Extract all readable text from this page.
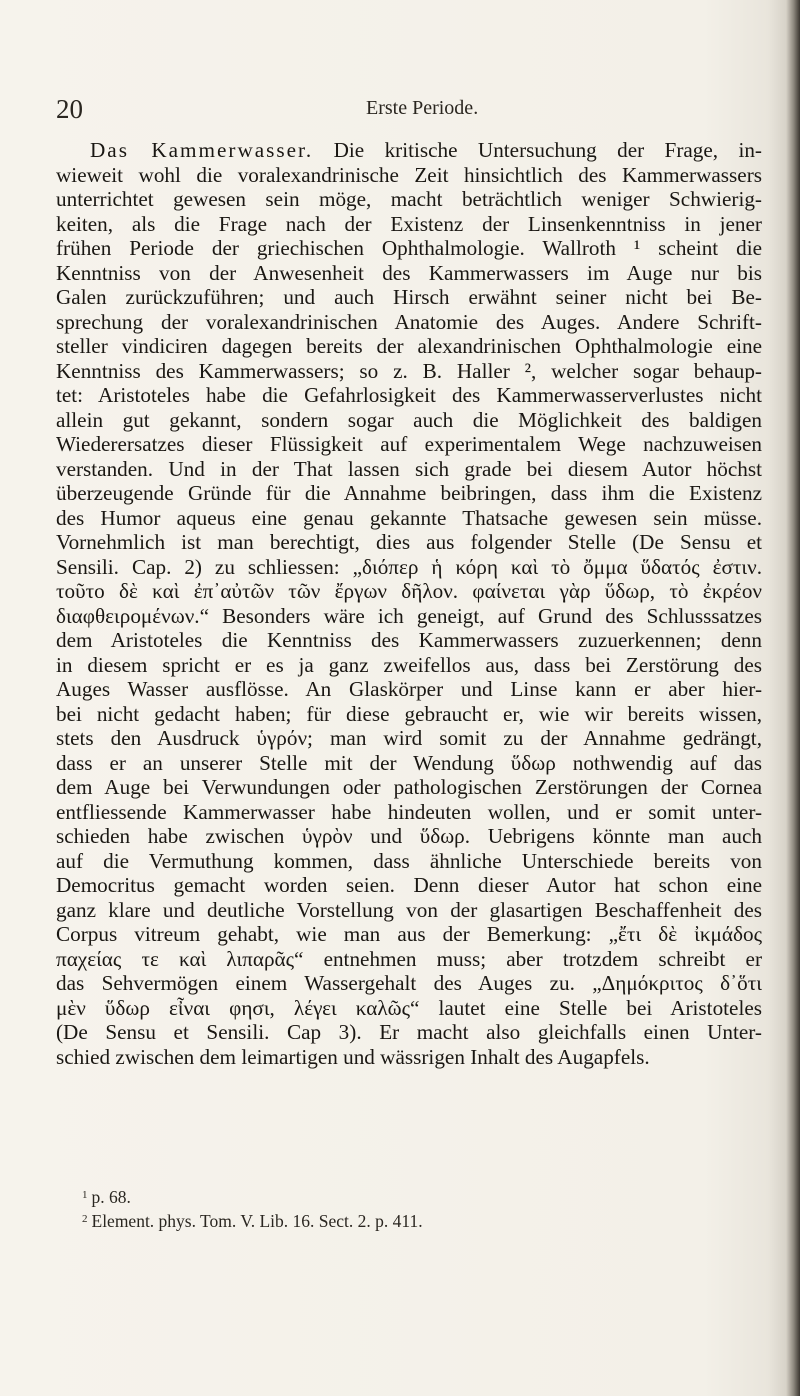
20	Erste Periode.
Das Kammerwasser. Die kritische Untersuchung der Frage, in-
wieweit wohl die voralexandrinische Zeit hinsichtlich des Kammerwassers
unterrichtet gewesen sein möge, macht beträchtlich weniger Schwierig-
keiten, als die Frage nach der Existenz der Linsenkenntniss in jener
frühen Periode der griechischen Ophthalmologie. Wallroth ¹ scheint die
Kenntniss von der Anwesenheit des Kammerwassers im Auge nur bis
Galen zurückzuführen; und auch Hirsch erwähnt seiner nicht bei Be-
sprechung der voralexandrinischen Anatomie des Auges. Andere Schrift-
steller vindiciren dagegen bereits der alexandrinischen Ophthalmologie eine
Kenntniss des Kammerwassers; so z. B. Haller ², welcher sogar behaup-
tet: Aristoteles habe die Gefahrlosigkeit des Kammerwasserverlustes nicht
allein gut gekannt, sondern sogar auch die Möglichkeit des baldigen
Wiederersatzes dieser Flüssigkeit auf experimentalem Wege nachzuweisen
verstanden. Und in der That lassen sich grade bei diesem Autor höchst
überzeugende Gründe für die Annahme beibringen, dass ihm die Existenz
des Humor aqueus eine genau gekannte Thatsache gewesen sein müsse.
Vornehmlich ist man berechtigt, dies aus folgender Stelle (De Sensu et
Sensili. Cap. 2) zu schliessen: „διόπερ ἡ κόρη καὶ τὸ ὄμμα ὕδατός ἐστιν.
τοῦτο δὲ καὶ ἐπ᾽αὐτῶν τῶν ἔργων δῆλον. φαίνεται γὰρ ὕδωρ, τὸ ἐκρέον
διαφθειρομένων.“ Besonders wäre ich geneigt, auf Grund des Schlusssatzes
dem Aristoteles die Kenntniss des Kammerwassers zuzuerkennen; denn
in diesem spricht er es ja ganz zweifellos aus, dass bei Zerstörung des
Auges Wasser ausflösse. An Glaskörper und Linse kann er aber hier-
bei nicht gedacht haben; für diese gebraucht er, wie wir bereits wissen,
stets den Ausdruck ὑγρόν; man wird somit zu der Annahme gedrängt,
dass er an unserer Stelle mit der Wendung ὕδωρ nothwendig auf das
dem Auge bei Verwundungen oder pathologischen Zerstörungen der Cornea
entfliessende Kammerwasser habe hindeuten wollen, und er somit unter-
schieden habe zwischen ὑγρὸν und ὕδωρ. Uebrigens könnte man auch
auf die Vermuthung kommen, dass ähnliche Unterschiede bereits von
Democritus gemacht worden seien. Denn dieser Autor hat schon eine
ganz klare und deutliche Vorstellung von der glasartigen Beschaffenheit des
Corpus vitreum gehabt, wie man aus der Bemerkung: „ἔτι δὲ ἰκμάδος
παχείας τε καὶ λιπαρᾶς“ entnehmen muss; aber trotzdem schreibt er
das Sehvermögen einem Wassergehalt des Auges zu. „Δημόκριτος δ᾽ὅτι
μὲν ὕδωρ εἶναι φησι, λέγει καλῶς“ lautet eine Stelle bei Aristoteles
(De Sensu et Sensili. Cap 3). Er macht also gleichfalls einen Unter-
schied zwischen dem leimartigen und wässrigen Inhalt des Augapfels.
$^1$ p. 68.
$^2$ Element. phys. Tom. V. Lib. 16. Sect. 2. p. 411.
